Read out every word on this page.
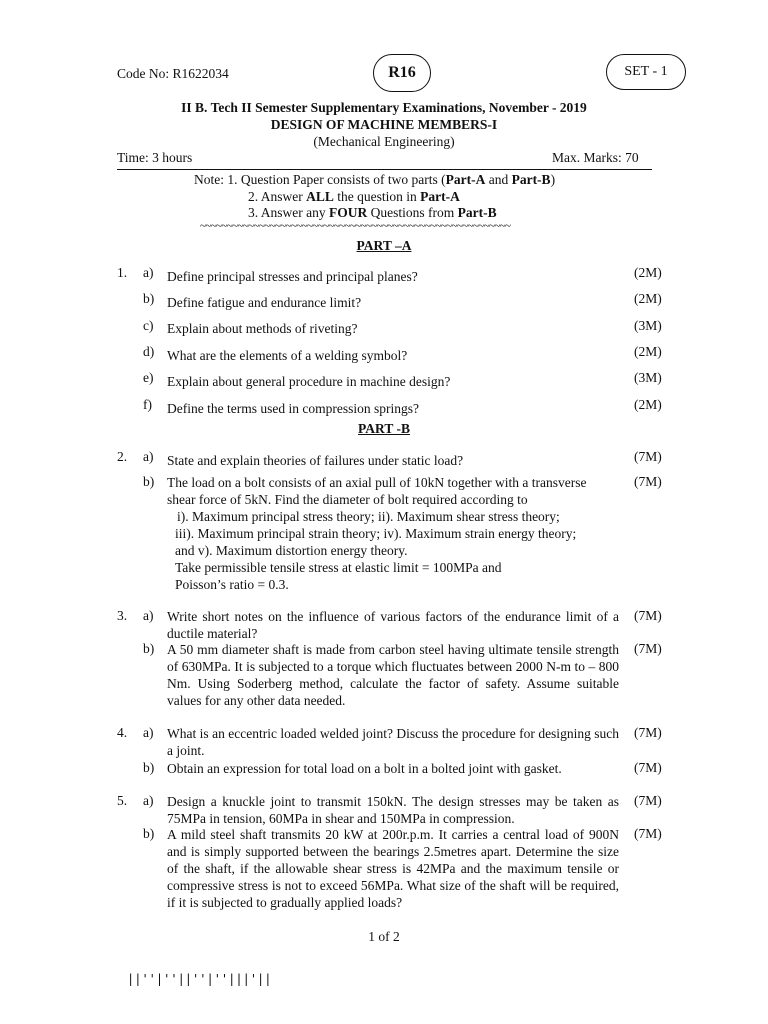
Code No: R1622034	R16	SET - 1
II B. Tech II Semester Supplementary Examinations, November - 2019
DESIGN OF MACHINE MEMBERS-I
(Mechanical Engineering)
Time: 3 hours	Max. Marks: 70
Note: 1. Question Paper consists of two parts (Part-A and Part-B)
2. Answer ALL the question in Part-A
3. Answer any FOUR Questions from Part-B
~~~~~~~~~~~~~~~~~~~~~~~~~~~~~~~~~~~~~~~~~~~~~~~~~~~~~~~~~~
PART –A
1. a) Define principal stresses and principal planes?	(2M)
b) Define fatigue and endurance limit?	(2M)
c) Explain about methods of riveting?	(3M)
d) What are the elements of a welding symbol?	(2M)
e) Explain about general procedure in machine design?	(3M)
f) Define the terms used in compression springs?	(2M)
PART -B
2. a) State and explain theories of failures under static load?	(7M)
b) The load on a bolt consists of an axial pull of 10kN together with a transverse
shear force of 5kN. Find the diameter of bolt required according to
i). Maximum principal stress theory; ii). Maximum shear stress theory;
iii). Maximum principal strain theory; iv). Maximum strain energy theory;
and v). Maximum distortion energy theory.
Take permissible tensile stress at elastic limit = 100MPa and
Poisson’s ratio = 0.3.
(7M)
3. a) Write short notes on the influence of various factors of the endurance limit of a ductile material?
(7M)
b) A 50 mm diameter shaft is made from carbon steel having ultimate tensile strength of 630MPa. It is subjected to a torque which fluctuates between 2000 N-m to – 800 Nm. Using Soderberg method, calculate the factor of safety. Assume suitable values for any other data needed.
(7M)
4. a) What is an eccentric loaded welded joint? Discuss the procedure for designing such a joint.
(7M)
b) Obtain an expression for total load on a bolt in a bolted joint with gasket.	(7M)
5. a) Design a knuckle joint to transmit 150kN. The design stresses may be taken as 75MPa in tension, 60MPa in shear and 150MPa in compression.
(7M)
b) A mild steel shaft transmits 20 kW at 200r.p.m. It carries a central load of 900N and is simply supported between the bearings 2.5metres apart. Determine the size of the shaft, if the allowable shear stress is 42MPa and the maximum tensile or compressive stress is not to exceed 56MPa. What size of the shaft will be required, if it is subjected to gradually applied loads?
(7M)
1 of 2
||''|''||''|''|||'||
